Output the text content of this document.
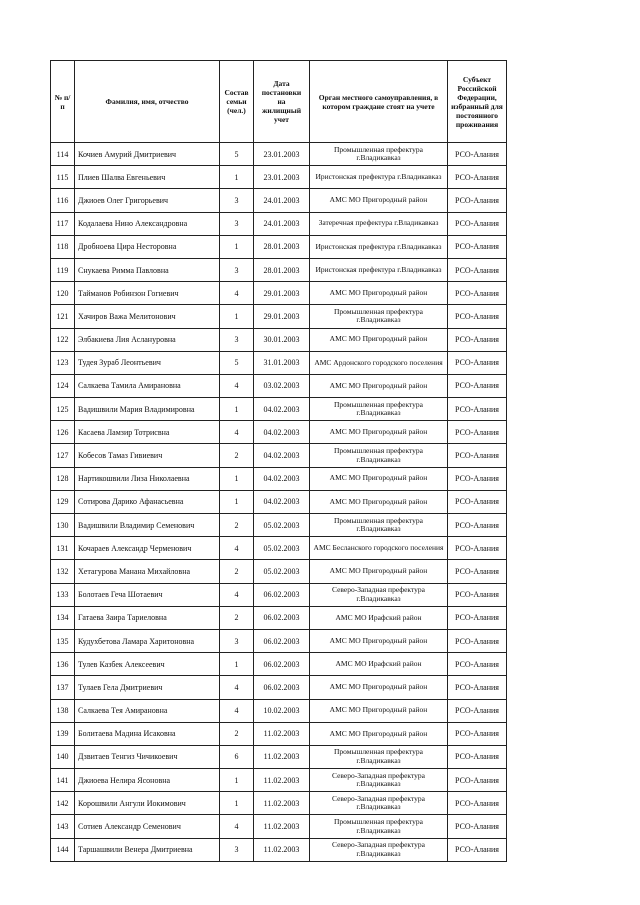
№ п/п	Фамилия, имя, отчество	Состав семьи (чел.)	Дата постановки на жилищный учет	Орган местного самоуправления, в котором граждане стоят на учете	Субъект Российской Федерации, избранный для постоянного проживания
114	Кочиев Амурий Дмитриевич	5	23.01.2003	Промышленная префектура г.Владикавказ	РСО-Алания
115	Плиев Шалва Евгеньевич	1	23.01.2003	Иристонская префектура г.Владикавказ	РСО-Алания
116	Джиоев Олег Григорьевич	3	24.01.2003	АМС МО Пригородный район	РСО-Алания
117	Кодалаева Нино Александровна	3	24.01.2003	Затеречная префектура г.Владикавказ	РСО-Алания
118	Дробноева Цира Несторовна	1	28.01.2003	Иристонская префектура г.Владикавказ	РСО-Алания
119	Снукаева Римма Павловна	3	28.01.2003	Иристонская префектура г.Владикавказ	РСО-Алания
120	Тайманов Робинзон Гогиевич	4	29.01.2003	АМС МО Пригородный район	РСО-Алания
121	Хачиров Важа Мелитонович	1	29.01.2003	Промышленная префектура г.Владикавказ	РСО-Алания
122	Элбакиева Лия Аслануровна	3	30.01.2003	АМС МО Пригородный район	РСО-Алания
123	Тудея Зураб Леонтьевич	5	31.01.2003	АМС Ардонского городского поселения	РСО-Алания
124	Салкаева Тамила Амирановна	4	03.02.2003	АМС МО Пригородный район	РСО-Алания
125	Вадишвили Мария Владимировна	1	04.02.2003	Промышленная префектура г.Владикавказ	РСО-Алания
126	Касаева Ламзир Тотрисвна	4	04.02.2003	АМС МО Пригородный район	РСО-Алания
127	Кобесов Тамаз Гивиевич	2	04.02.2003	Промышленная префектура г.Владикавказ	РСО-Алания
128	Нартикошвили Лиза Николаевна	1	04.02.2003	АМС МО Пригородный район	РСО-Алания
129	Сотирова Дарико Афанасьевна	1	04.02.2003	АМС МО Пригородный район	РСО-Алания
130	Вадишвили Владимир Семенович	2	05.02.2003	Промышленная префектура г.Владикавказ	РСО-Алания
131	Кочараев Александр Черменович	4	05.02.2003	АМС Бесланского городского поселения	РСО-Алания
132	Хетагурова Манана Михайловна	2	05.02.2003	АМС МО Пригородный район	РСО-Алания
133	Болотаев Геча Шотаевич	4	06.02.2003	Северо-Западная префектура г.Владикавказ	РСО-Алания
134	Гатаева Заира Тариеловна	2	06.02.2003	АМС МО Ирафский район	РСО-Алания
135	Кудухбетова Ламара Харитоновна	3	06.02.2003	АМС МО Пригородный район	РСО-Алания
136	Тулев Казбек Алексеевич	1	06.02.2003	АМС МО Ирафский район	РСО-Алания
137	Тулаев Гела Дмитриевич	4	06.02.2003	АМС МО Пригородный район	РСО-Алания
138	Салкаева Тея Амирановна	4	10.02.2003	АМС МО Пригородный район	РСО-Алания
139	Болитаева Мадина Исаковна	2	11.02.2003	АМС МО Пригородный район	РСО-Алания
140	Дзвитаев Тенгиз Чичикоевич	6	11.02.2003	Промышленная префектура г.Владикавказ	РСО-Алания
141	Джиоева Нелира Ясоновна	1	11.02.2003	Северо-Западная префектура г.Владикавказ	РСО-Алания
142	Корошвили Ангули Иокимович	1	11.02.2003	Северо-Западная префектура г.Владикавказ	РСО-Алания
143	Сотиев Александр Семенович	4	11.02.2003	Промышленная префектура г.Владикавказ	РСО-Алания
144	Таршашвили Венера Дмитриевна	3	11.02.2003	Северо-Западная префектура г.Владикавказ	РСО-Алания
